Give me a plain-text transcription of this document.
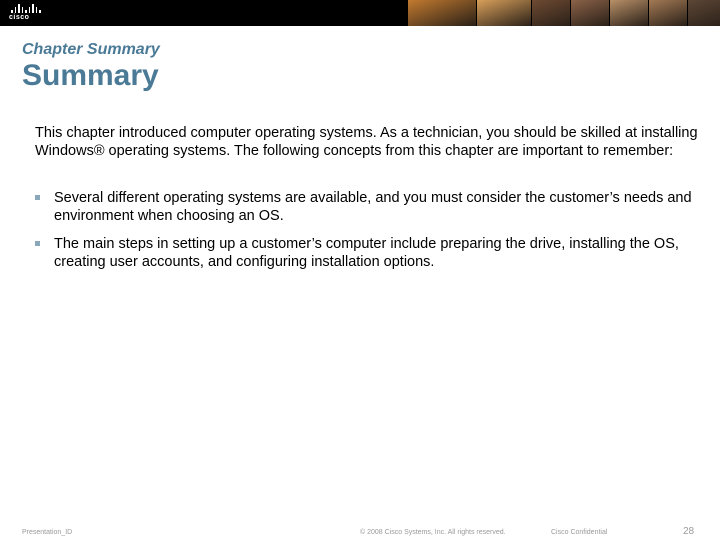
cisco
Chapter Summary
Summary

This chapter introduced computer operating systems. As a technician, you should be skilled at installing Windows® operating systems. The following concepts from this chapter are important to remember:

Several different operating systems are available, and you must consider the customer’s needs and environment when choosing an OS.
The main steps in setting up a customer’s computer include preparing the drive, installing the OS, creating user accounts, and configuring installation options.
Presentation_ID	© 2008 Cisco Systems, Inc. All rights reserved.	Cisco Confidential	28
